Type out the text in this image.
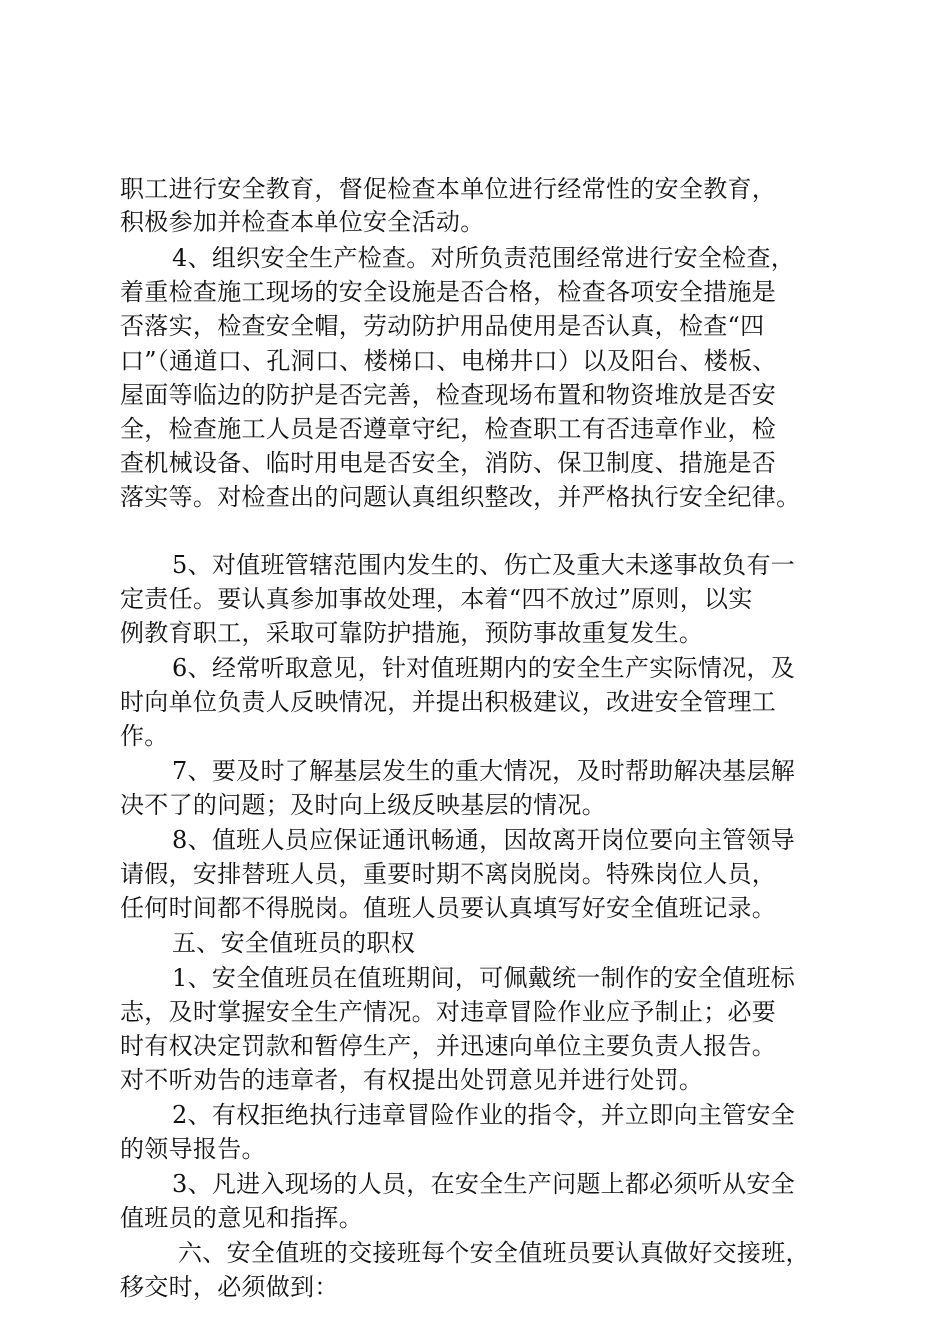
职工进行安全教育，督促检查本单位进行经常性的安全教育，
积极参加并检查本单位安全活动。
4、组织安全生产检查。对所负责范围经常进行安全检查，
着重检查施工现场的安全设施是否合格，检查各项安全措施是
否落实，检查安全帽，劳动防护用品使用是否认真，检查“四
口”（通道口、孔洞口、楼梯口、电梯井口）以及阳台、楼板、
屋面等临边的防护是否完善，检查现场布置和物资堆放是否安
全，检查施工人员是否遵章守纪，检查职工有否违章作业，检
查机械设备、临时用电是否安全，消防、保卫制度、措施是否
落实等。对检查出的问题认真组织整改，并严格执行安全纪律。
5、对值班管辖范围内发生的、伤亡及重大未遂事故负有一
定责任。要认真参加事故处理，本着“四不放过”原则，以实
例教育职工，采取可靠防护措施，预防事故重复发生。
6、经常听取意见，针对值班期内的安全生产实际情况，及
时向单位负责人反映情况，并提出积极建议，改进安全管理工
作。
7、要及时了解基层发生的重大情况，及时帮助解决基层解
决不了的问题；及时向上级反映基层的情况。
8、值班人员应保证通讯畅通，因故离开岗位要向主管领导
请假，安排替班人员，重要时期不离岗脱岗。特殊岗位人员，
任何时间都不得脱岗。值班人员要认真填写好安全值班记录。
五、安全值班员的职权
1、安全值班员在值班期间，可佩戴统一制作的安全值班标
志，及时掌握安全生产情况。对违章冒险作业应予制止；必要
时有权决定罚款和暂停生产，并迅速向单位主要负责人报告。
对不听劝告的违章者，有权提出处罚意见并进行处罚。
2、有权拒绝执行违章冒险作业的指令，并立即向主管安全
的领导报告。
3、凡进入现场的人员，在安全生产问题上都必须听从安全
值班员的意见和指挥。
六、安全值班的交接班每个安全值班员要认真做好交接班，
移交时，必须做到：
